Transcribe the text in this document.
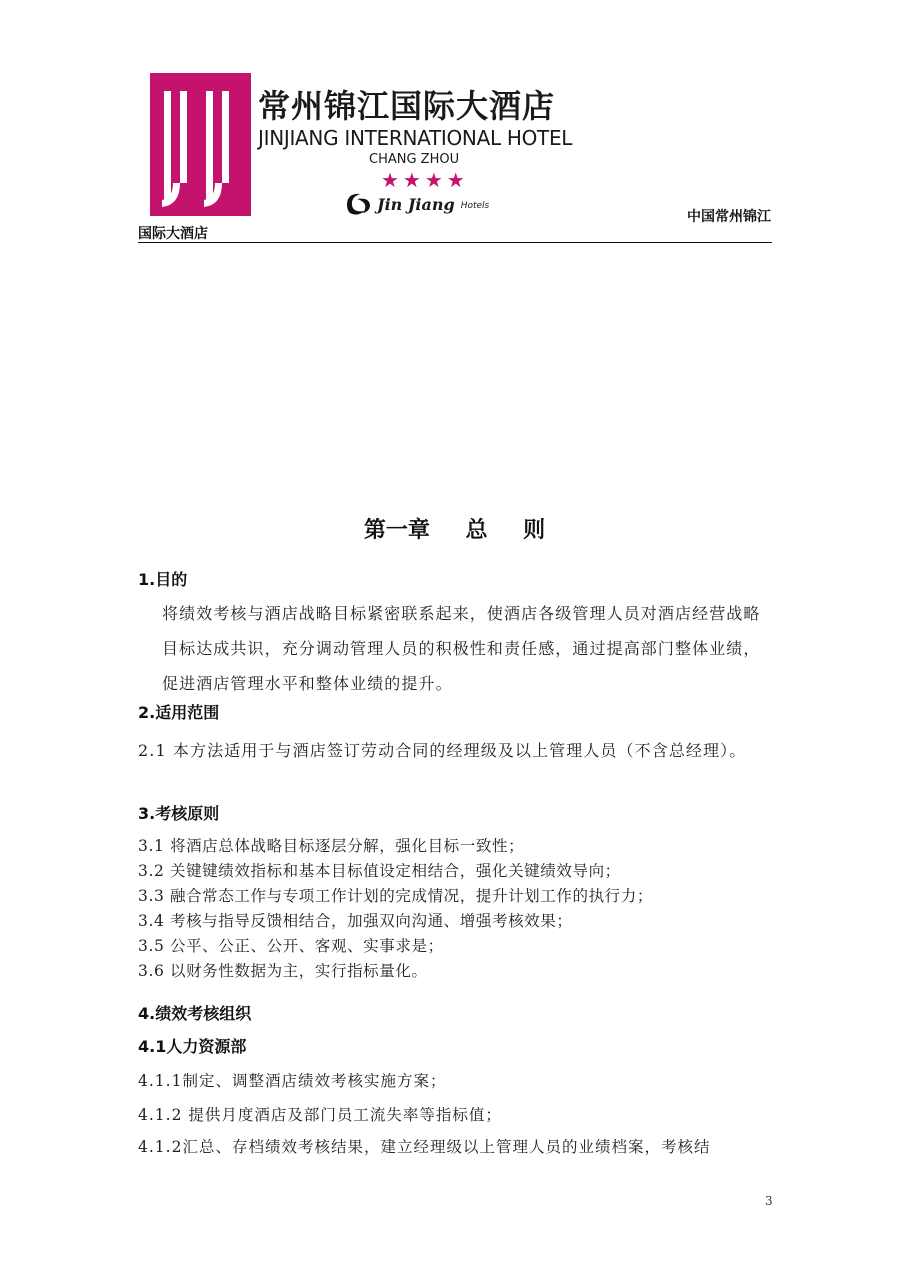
常州锦江国际大酒店
JINJIANG INTERNATIONAL HOTEL
CHANG ZHOU
★★★★
Jin Jiang Hotels
中国常州锦江
国际大酒店
第一章 总 则
1.目的
将绩效考核与酒店战略目标紧密联系起来，使酒店各级管理人员对酒店经营战略目标达成共识，充分调动管理人员的积极性和责任感，通过提高部门整体业绩，促进酒店管理水平和整体业绩的提升。
2.适用范围
2.1 本方法适用于与酒店签订劳动合同的经理级及以上管理人员（不含总经理）。
3.考核原则
3.1 将酒店总体战略目标逐层分解，强化目标一致性；
3.2 关键键绩效指标和基本目标值设定相结合，强化关键绩效导向；
3.3 融合常态工作与专项工作计划的完成情况，提升计划工作的执行力；
3.4 考核与指导反馈相结合，加强双向沟通、增强考核效果；
3.5 公平、公正、公开、客观、实事求是；
3.6 以财务性数据为主，实行指标量化。
4.绩效考核组织
4.1人力资源部
4.1.1制定、调整酒店绩效考核实施方案；
4.1.2 提供月度酒店及部门员工流失率等指标值；
4.1.2汇总、存档绩效考核结果，建立经理级以上管理人员的业绩档案，考核结
3
